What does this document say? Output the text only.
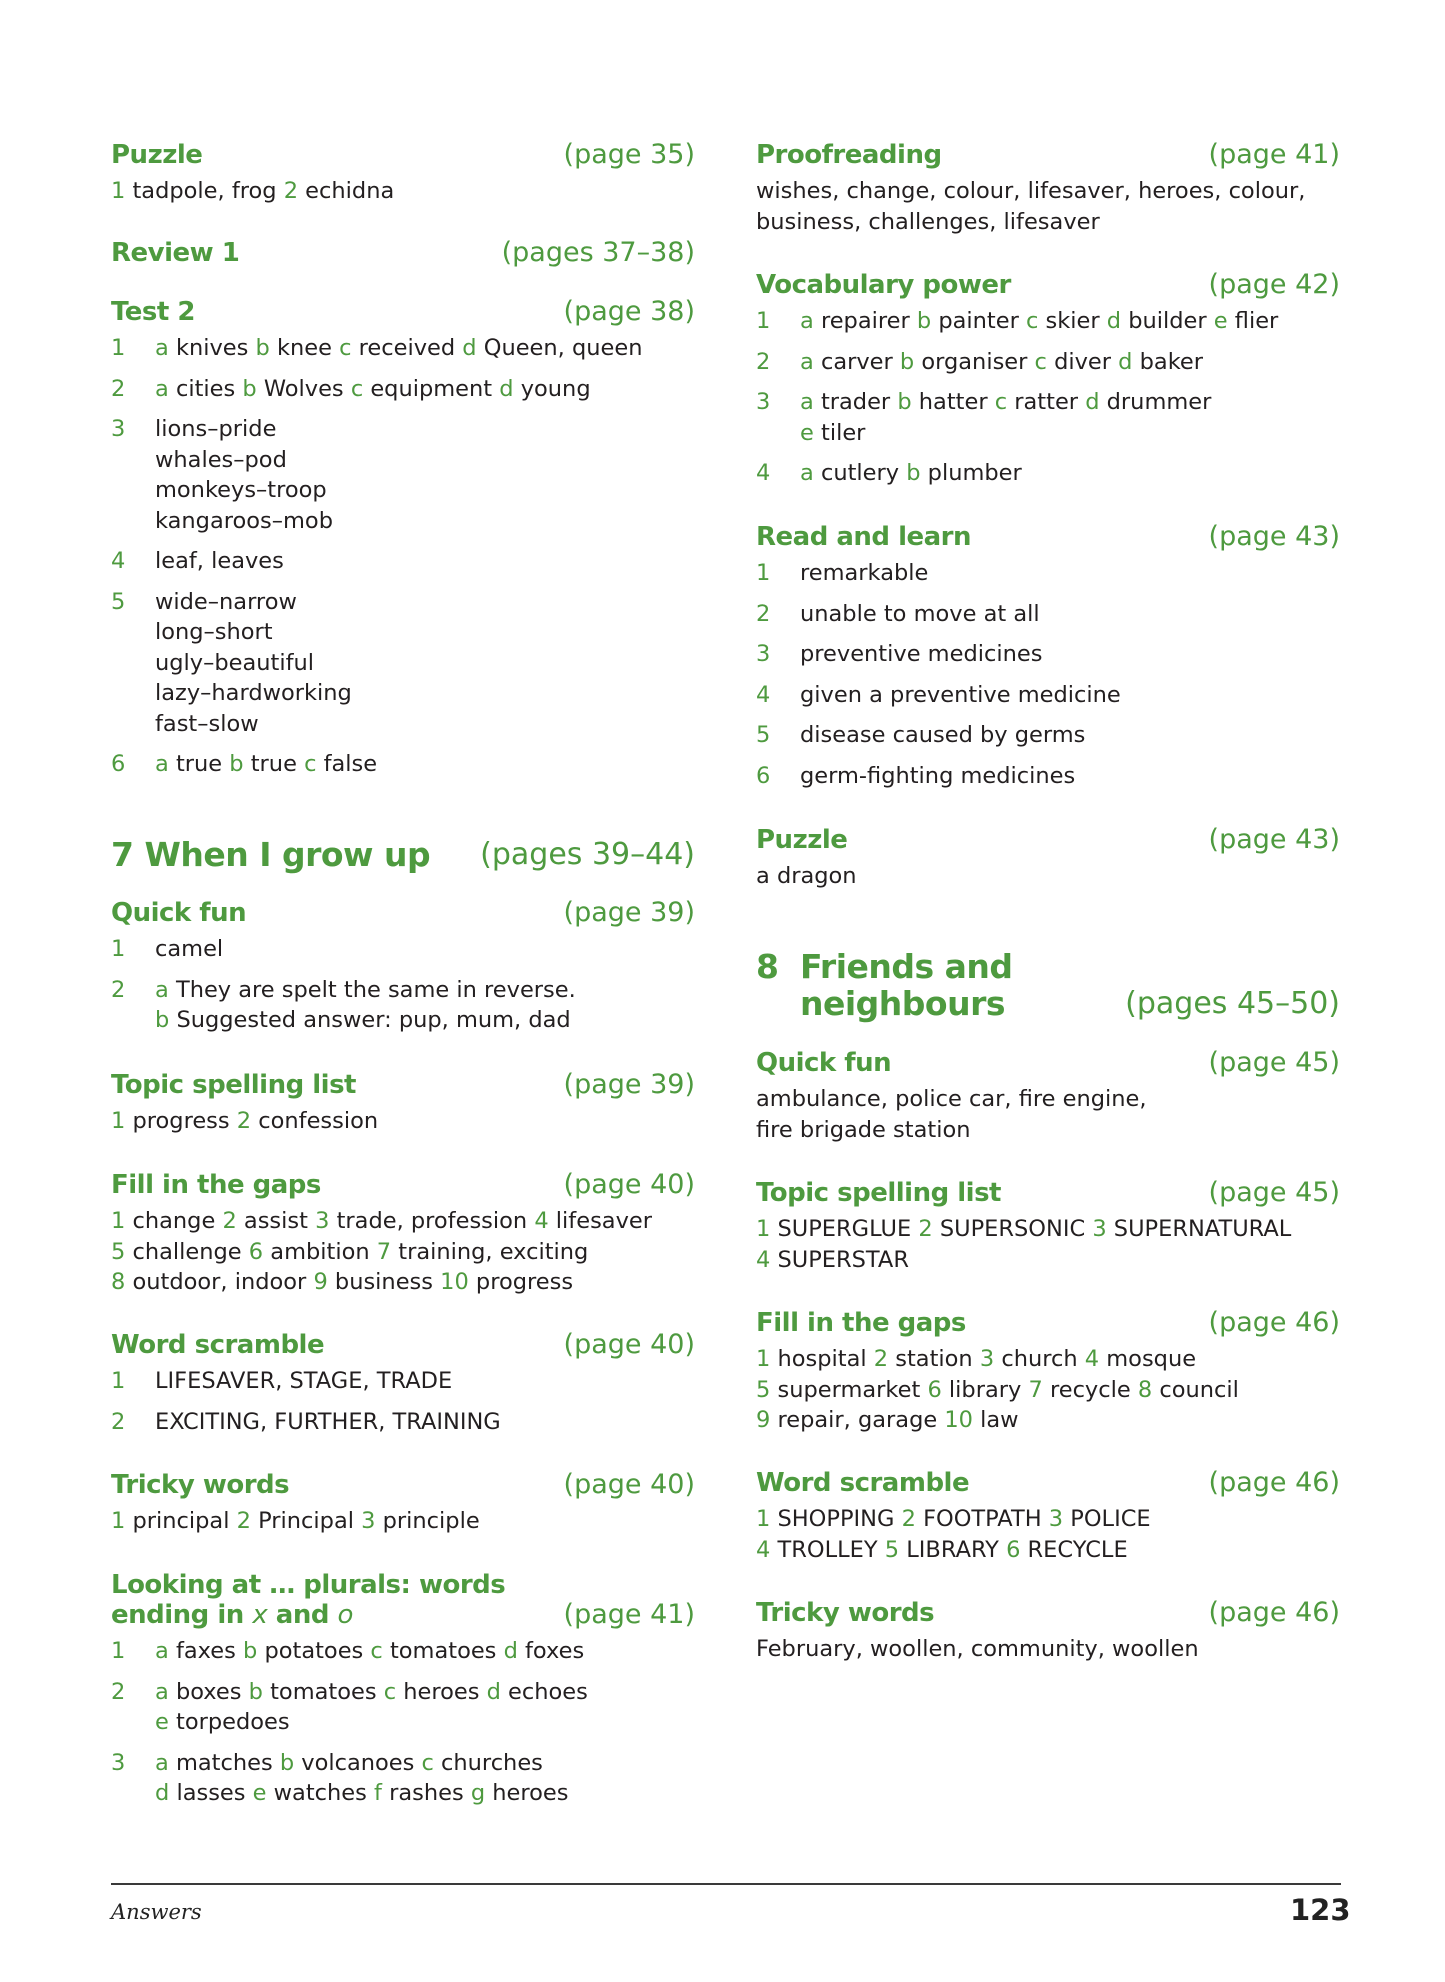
Puzzle	(page 35)
1 tadpole, frog 2 echidna
Review 1	(pages 37–38)
Test 2	(page 38)
1	a knives b knee c received d Queen, queen
2	a cities b Wolves c equipment d young
3	lions–pride
whales–pod
monkeys–troop
kangaroos–mob
4	leaf, leaves
5	wide–narrow
long–short
ugly–beautiful
lazy–hardworking
fast–slow
6	a true b true c false
7 When I grow up (pages 39–44)
Quick fun	(page 39)
1	camel
2	a They are spelt the same in reverse.
b Suggested answer: pup, mum, dad
Topic spelling list	(page 39)
1 progress 2 confession
Fill in the gaps	(page 40)
1 change 2 assist 3 trade, profession 4 lifesaver
5 challenge 6 ambition 7 training, exciting
8 outdoor, indoor 9 business 10 progress
Word scramble	(page 40)
1	LIFESAVER, STAGE, TRADE
2	EXCITING, FURTHER, TRAINING
Tricky words	(page 40)
1 principal 2 Principal 3 principle
Looking at … plurals: words
ending in x and o	(page 41)
1	a faxes b potatoes c tomatoes d foxes
2	a boxes b tomatoes c heroes d echoes
e torpedoes
3	a matches b volcanoes c churches
d lasses e watches f rashes g heroes
Proofreading	(page 41)
wishes, change, colour, lifesaver, heroes, colour,
business, challenges, lifesaver
Vocabulary power	(page 42)
1	a repairer b painter c skier d builder e flier
2	a carver b organiser c diver d baker
3	a trader b hatter c ratter d drummer
e tiler
4	a cutlery b plumber
Read and learn	(page 43)
1	remarkable
2	unable to move at all
3	preventive medicines
4	given a preventive medicine
5	disease caused by germs
6	germ-fighting medicines
Puzzle	(page 43)
a dragon
8 Friends and
neighbours	(pages 45–50)
Quick fun	(page 45)
ambulance, police car, fire engine,
fire brigade station
Topic spelling list	(page 45)
1 SUPERGLUE 2 SUPERSONIC 3 SUPERNATURAL
4 SUPERSTAR
Fill in the gaps	(page 46)
1 hospital 2 station 3 church 4 mosque
5 supermarket 6 library 7 recycle 8 council
9 repair, garage 10 law
Word scramble	(page 46)
1 SHOPPING 2 FOOTPATH 3 POLICE
4 TROLLEY 5 LIBRARY 6 RECYCLE
Tricky words	(page 46)
February, woollen, community, woollen
Answers	123
